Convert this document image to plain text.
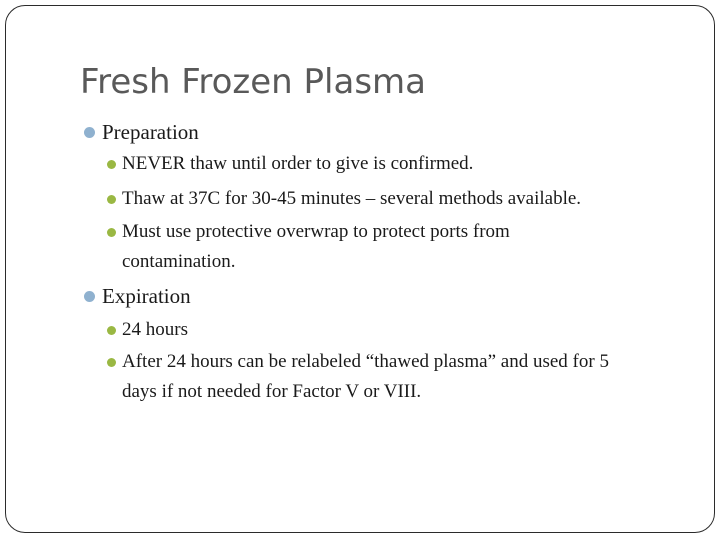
Fresh Frozen Plasma
Preparation
NEVER thaw until order to give is confirmed.
Thaw at 37C for 30-45 minutes – several methods available.
Must use protective overwrap to protect ports from
contamination.
Expiration
24 hours
After 24 hours can be relabeled “thawed plasma” and used for 5
days if not needed for Factor V or VIII.
